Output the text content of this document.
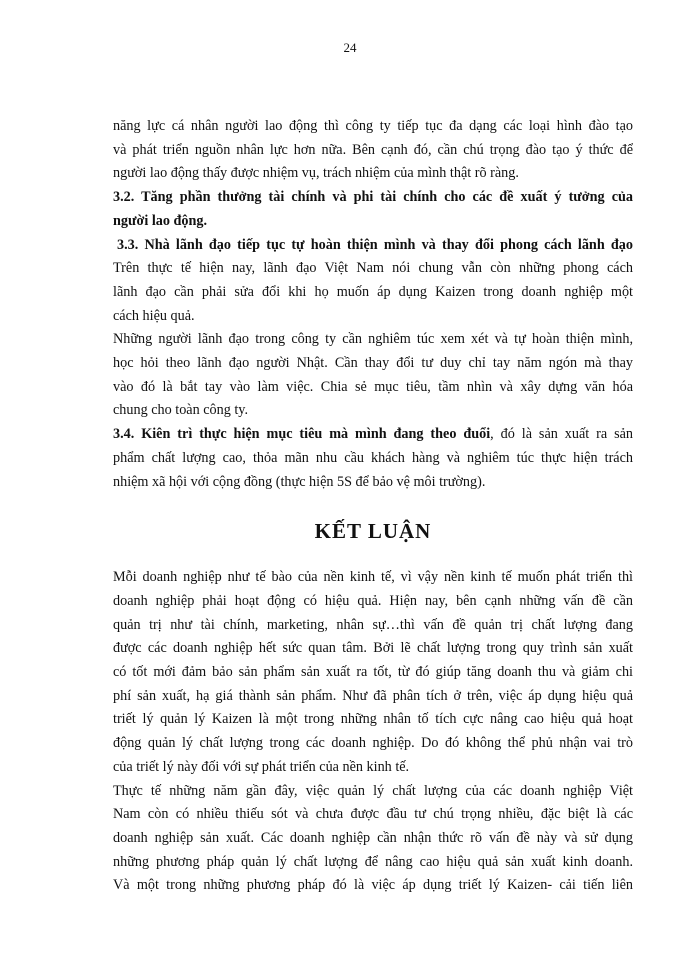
24
năng lực cá nhân người lao động thì công ty tiếp tục đa dạng các loại hình đào tạo
và phát triển nguồn nhân lực hơn nữa. Bên cạnh đó, cần chú trọng đào tạo ý thức để
người lao động thấy được nhiệm vụ, trách nhiệm của mình thật rõ ràng.
3.2. Tăng phần thưởng tài chính và phi tài chính cho các đề xuất ý tưởng của
người lao động.
3.3. Nhà lãnh đạo tiếp tục tự hoàn thiện mình và thay đổi phong cách lãnh đạo
Trên thực tế hiện nay, lãnh đạo Việt Nam nói chung vẫn còn những phong cách
lãnh đạo cần phải sửa đổi khi họ muốn áp dụng Kaizen trong doanh nghiệp một
cách hiệu quả.
Những người lãnh đạo trong công ty cần nghiêm túc xem xét và tự hoàn thiện mình,
học hỏi theo lãnh đạo người Nhật. Cần thay đổi tư duy chỉ tay năm ngón mà thay
vào đó là bắt tay vào làm việc. Chia sẻ mục tiêu, tầm nhìn và xây dựng văn hóa
chung cho toàn công ty.
3.4. Kiên trì thực hiện mục tiêu mà mình đang theo đuổi, đó là sản xuất ra sản
phẩm chất lượng cao, thỏa mãn nhu cầu khách hàng và nghiêm túc thực hiện trách
nhiệm xã hội với cộng đồng (thực hiện 5S để bảo vệ môi trường).
KẾT LUẬN
Mỗi doanh nghiệp như tế bào của nền kinh tế, vì vậy nền kinh tế muốn phát triển thì
doanh nghiệp phải hoạt động có hiệu quả. Hiện nay, bên cạnh những vấn đề cần
quản trị như tài chính, marketing, nhân sự…thì vấn đề quản trị chất lượng đang
được các doanh nghiệp hết sức quan tâm. Bởi lẽ chất lượng trong quy trình sản xuất
có tốt mới đảm bảo sản phẩm sản xuất ra tốt, từ đó giúp tăng doanh thu và giảm chi
phí sản xuất, hạ giá thành sản phẩm. Như đã phân tích ở trên, việc áp dụng hiệu quả
triết lý quản lý Kaizen là một trong những nhân tố tích cực nâng cao hiệu quả hoạt
động quản lý chất lượng trong các doanh nghiệp. Do đó không thể phủ nhận vai trò
của triết lý này đối với sự phát triển của nền kinh tế.
Thực tế những năm gần đây, việc quản lý chất lượng của các doanh nghiệp Việt
Nam còn có nhiều thiếu sót và chưa được đầu tư chú trọng nhiều, đặc biệt là các
doanh nghiệp sản xuất. Các doanh nghiệp cần nhận thức rõ vấn đề này và sử dụng
những phương pháp quản lý chất lượng để nâng cao hiệu quả sản xuất kinh doanh.
Và một trong những phương pháp đó là việc áp dụng triết lý Kaizen- cải tiến liên
